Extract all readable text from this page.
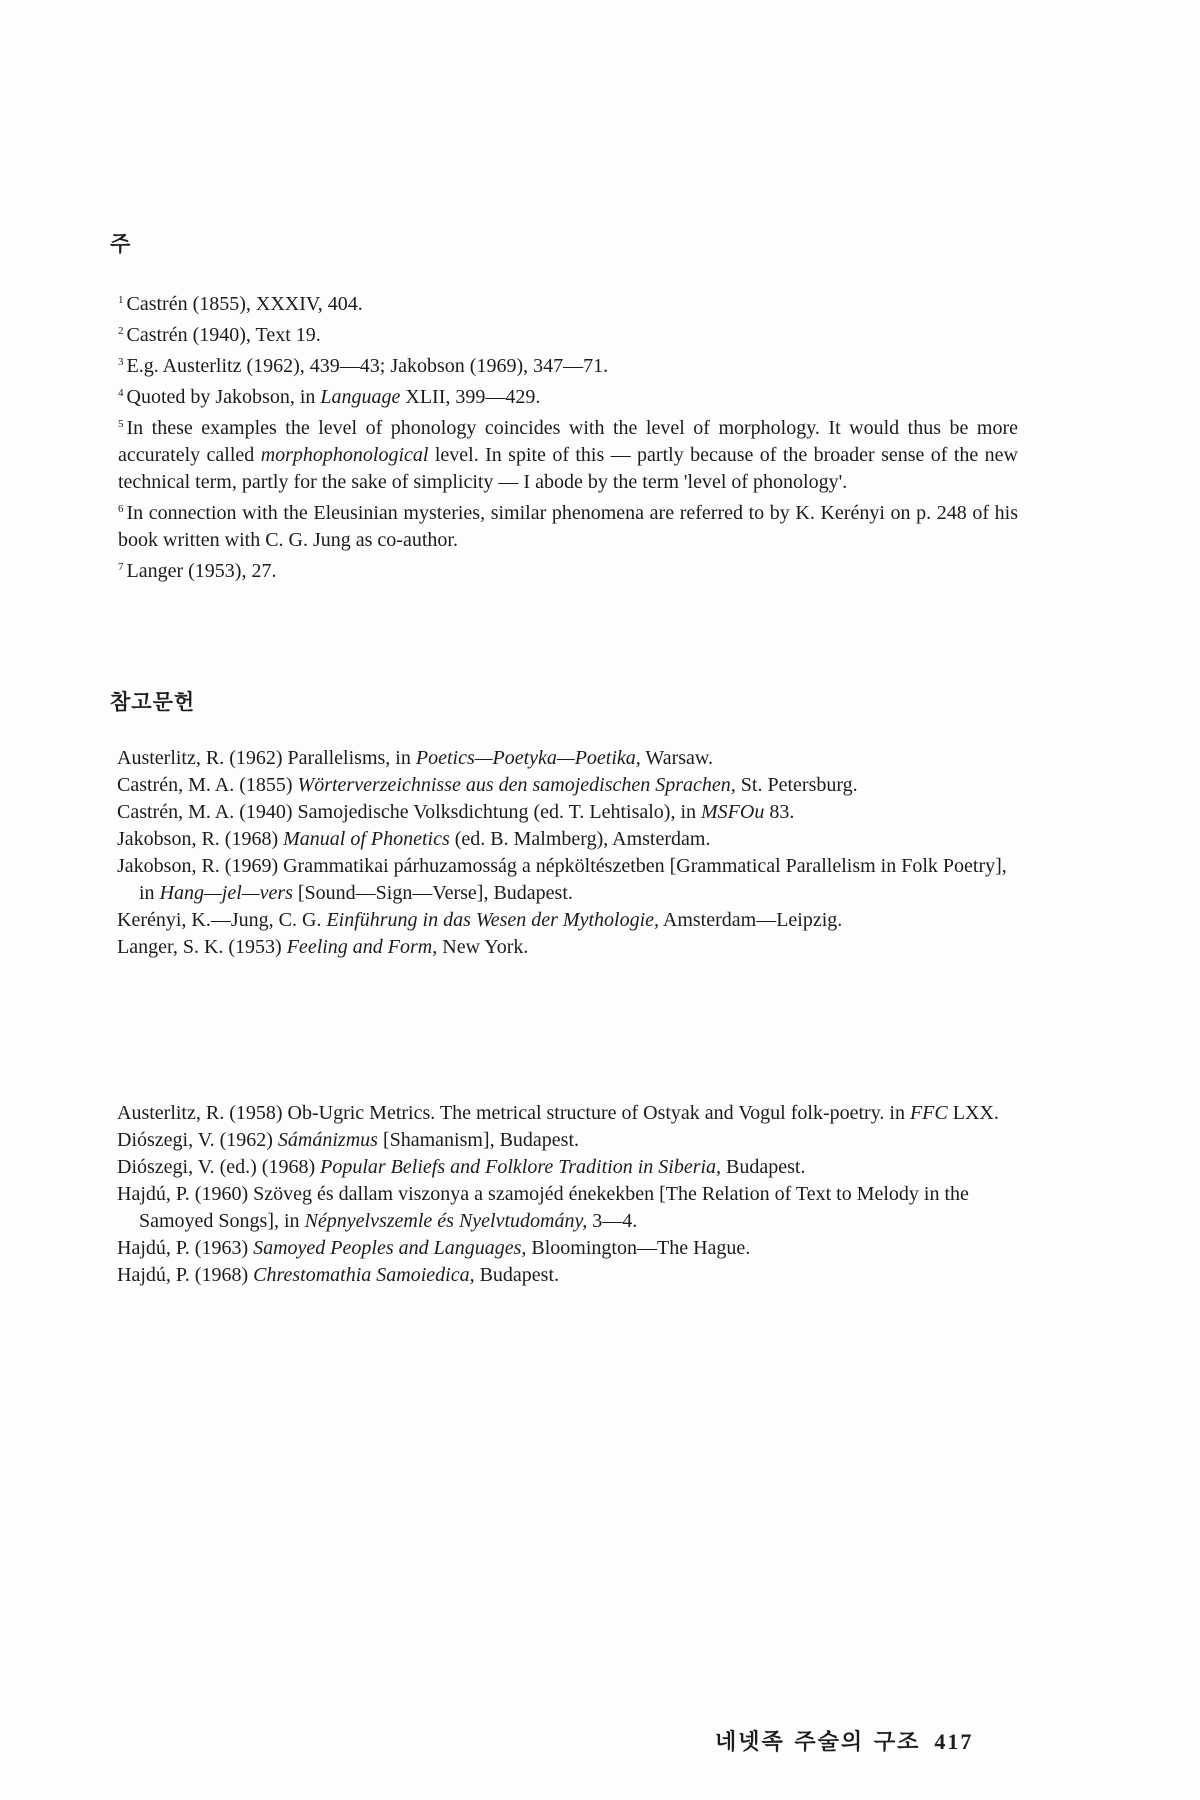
주

$^1$ Castrén (1855), XXXIV, 404.

$^2$ Castrén (1940), Text 19.

$^3$ E.g. Austerlitz (1962), 439—43; Jakobson (1969), 347—71.

$^4$ Quoted by Jakobson, in Language XLII, 399—429.

$^5$ In these examples the level of phonology coincides with the level of morphology. It would thus be more accurately called morphophonological level. In spite of this — partly because of the broader sense of the new technical term, partly for the sake of simplicity — I abode by the term 'level of phonology'.

$^6$ In connection with the Eleusinian mysteries, similar phenomena are referred to by K. Kerényi on p. 248 of his book written with C. G. Jung as co-author.

$^7$ Langer (1953), 27.

참고문헌

Austerlitz, R. (1962) Parallelisms, in Poetics—Poetyka—Poetika, Warsaw.

Castrén, M. A. (1855) Wörterverzeichnisse aus den samojedischen Sprachen, St. Petersburg.

Castrén, M. A. (1940) Samojedische Volksdichtung (ed. T. Lehtisalo), in MSFOu 83.

Jakobson, R. (1968) Manual of Phonetics (ed. B. Malmberg), Amsterdam.

Jakobson, R. (1969) Grammatikai párhuzamosság a népköltészetben [Grammatical Parallelism in Folk Poetry], in Hang—jel—vers [Sound—Sign—Verse], Budapest.

Kerényi, K.—Jung, C. G. Einführung in das Wesen der Mythologie, Amsterdam—Leipzig.

Langer, S. K. (1953) Feeling and Form, New York.

Austerlitz, R. (1958) Ob-Ugric Metrics. The metrical structure of Ostyak and Vogul folk-poetry. in FFC LXX.

Diószegi, V. (1962) Sámánizmus [Shamanism], Budapest.

Diószegi, V. (ed.) (1968) Popular Beliefs and Folklore Tradition in Siberia, Budapest.

Hajdú, P. (1960) Szöveg és dallam viszonya a szamojéd énekekben [The Relation of Text to Melody in the Samoyed Songs], in Népnyelvszemle és Nyelvtudomány, 3—4.

Hajdú, P. (1963) Samoyed Peoples and Languages, Bloomington—The Hague.

Hajdú, P. (1968) Chrestomathia Samoiedica, Budapest.

네넷족 주술의 구조 417
